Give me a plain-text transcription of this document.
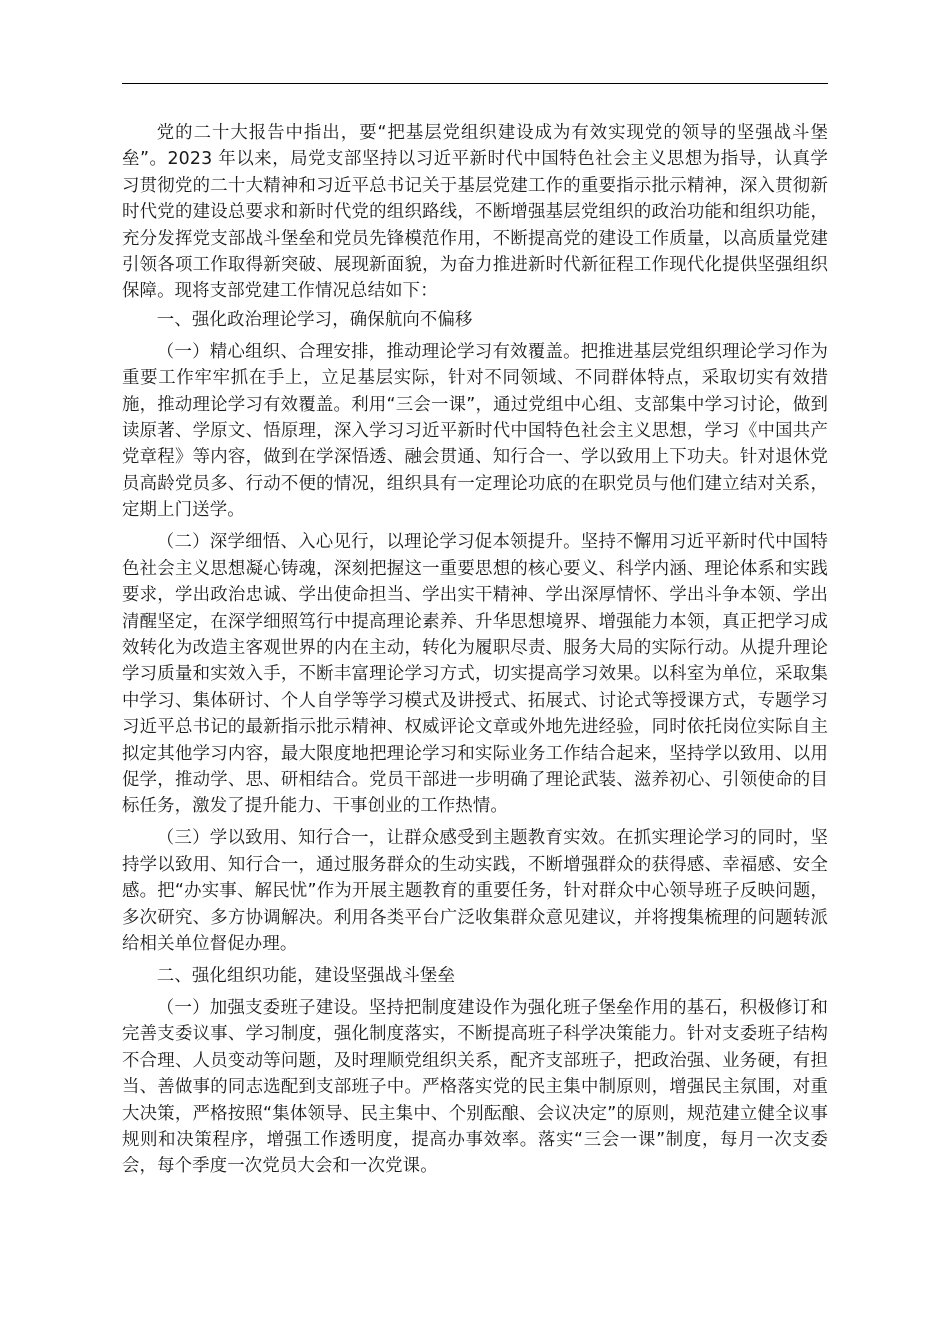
党的二十大报告中指出，要“把基层党组织建设成为有效实现党的领导的坚强战斗堡垒”。2023 年以来，局党支部坚持以习近平新时代中国特色社会主义思想为指导，认真学习贯彻党的二十大精神和习近平总书记关于基层党建工作的重要指示批示精神，深入贯彻新时代党的建设总要求和新时代党的组织路线，不断增强基层党组织的政治功能和组织功能，充分发挥党支部战斗堡垒和党员先锋模范作用，不断提高党的建设工作质量，以高质量党建引领各项工作取得新突破、展现新面貌，为奋力推进新时代新征程工作现代化提供坚强组织保障。现将支部党建工作情况总结如下：

一、强化政治理论学习，确保航向不偏移

（一）精心组织、合理安排，推动理论学习有效覆盖。把推进基层党组织理论学习作为重要工作牢牢抓在手上，立足基层实际，针对不同领域、不同群体特点，采取切实有效措施，推动理论学习有效覆盖。利用“三会一课”，通过党组中心组、支部集中学习讨论，做到读原著、学原文、悟原理，深入学习习近平新时代中国特色社会主义思想，学习《中国共产党章程》等内容，做到在学深悟透、融会贯通、知行合一、学以致用上下功夫。针对退休党员高龄党员多、行动不便的情况，组织具有一定理论功底的在职党员与他们建立结对关系，定期上门送学。

（二）深学细悟、入心见行，以理论学习促本领提升。坚持不懈用习近平新时代中国特色社会主义思想凝心铸魂，深刻把握这一重要思想的核心要义、科学内涵、理论体系和实践要求，学出政治忠诚、学出使命担当、学出实干精神、学出深厚情怀、学出斗争本领、学出清醒坚定，在深学细照笃行中提高理论素养、升华思想境界、增强能力本领，真正把学习成效转化为改造主客观世界的内在主动，转化为履职尽责、服务大局的实际行动。从提升理论学习质量和实效入手，不断丰富理论学习方式，切实提高学习效果。以科室为单位，采取集中学习、集体研讨、个人自学等学习模式及讲授式、拓展式、讨论式等授课方式，专题学习习近平总书记的最新指示批示精神、权威评论文章或外地先进经验，同时依托岗位实际自主拟定其他学习内容，最大限度地把理论学习和实际业务工作结合起来，坚持学以致用、以用促学，推动学、思、研相结合。党员干部进一步明确了理论武装、滋养初心、引领使命的目标任务，激发了提升能力、干事创业的工作热情。

（三）学以致用、知行合一，让群众感受到主题教育实效。在抓实理论学习的同时，坚持学以致用、知行合一，通过服务群众的生动实践，不断增强群众的获得感、幸福感、安全感。把“办实事、解民忧”作为开展主题教育的重要任务，针对群众中心领导班子反映问题，多次研究、多方协调解决。利用各类平台广泛收集群众意见建议，并将搜集梳理的问题转派给相关单位督促办理。

二、强化组织功能，建设坚强战斗堡垒

（一）加强支委班子建设。坚持把制度建设作为强化班子堡垒作用的基石，积极修订和完善支委议事、学习制度，强化制度落实，不断提高班子科学决策能力。针对支委班子结构不合理、人员变动等问题，及时理顺党组织关系，配齐支部班子，把政治强、业务硬，有担当、善做事的同志选配到支部班子中。严格落实党的民主集中制原则，增强民主氛围，对重大决策，严格按照“集体领导、民主集中、个别酝酿、会议决定”的原则，规范建立健全议事规则和决策程序，增强工作透明度，提高办事效率。落实“三会一课”制度，每月一次支委会，每个季度一次党员大会和一次党课。
